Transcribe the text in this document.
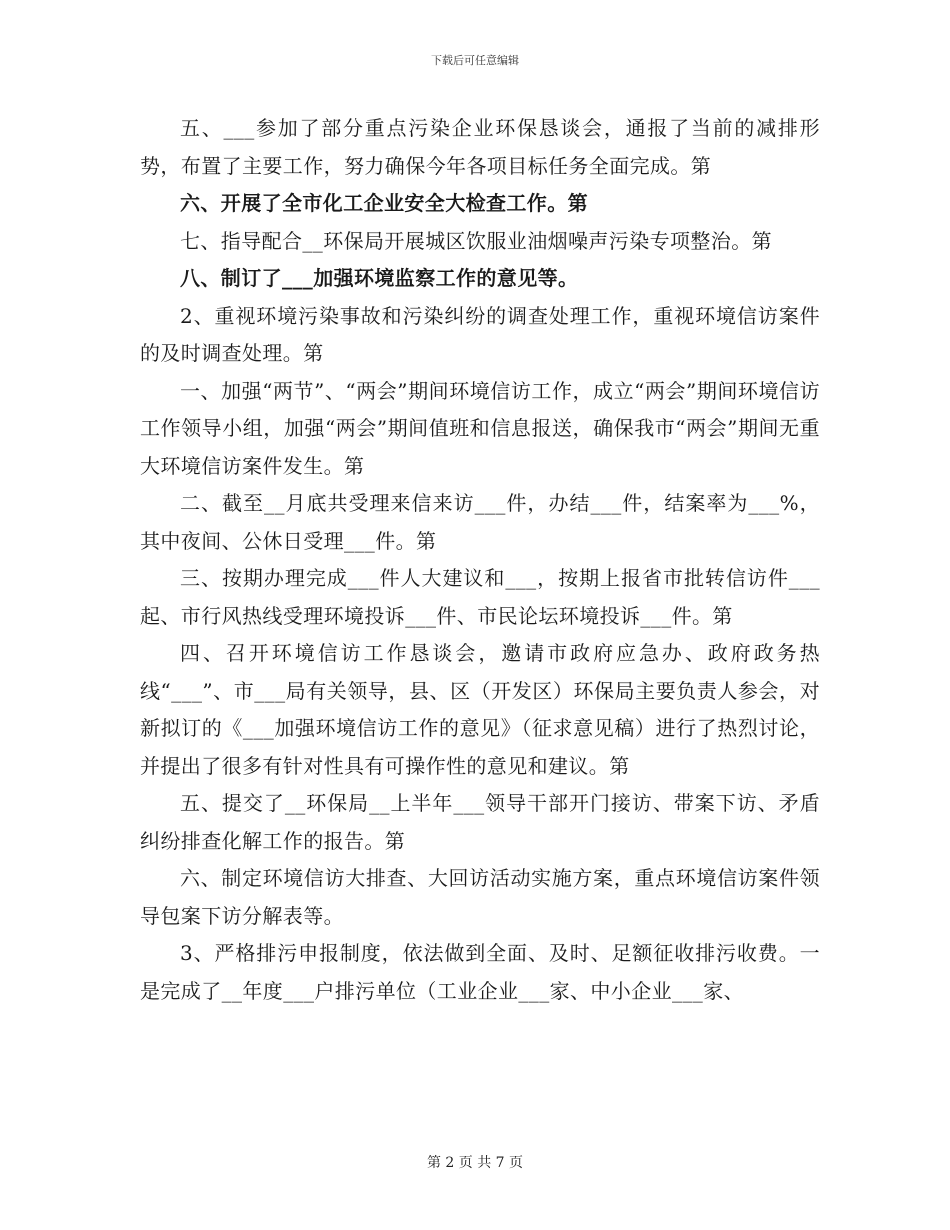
下载后可任意编辑

五、___参加了部分重点污染企业环保恳谈会，通报了当前的减排形势，布置了主要工作，努力确保今年各项目标任务全面完成。第

六、开展了全市化工企业安全大检查工作。第

七、指导配合__环保局开展城区饮服业油烟噪声污染专项整治。第

八、制订了___加强环境监察工作的意见等。

2、重视环境污染事故和污染纠纷的调查处理工作，重视环境信访案件的及时调查处理。第

一、加强“两节”、“两会”期间环境信访工作，成立“两会”期间环境信访工作领导小组，加强“两会”期间值班和信息报送，确保我市“两会”期间无重大环境信访案件发生。第

二、截至__月底共受理来信来访___件，办结___件，结案率为___%，其中夜间、公休日受理___件。第

三、按期办理完成___件人大建议和___，按期上报省市批转信访件___起、市行风热线受理环境投诉___件、市民论坛环境投诉___件。第

四、召开环境信访工作恳谈会，邀请市政府应急办、政府政务热线“___”、市___局有关领导，县、区（开发区）环保局主要负责人参会，对新拟订的《___加强环境信访工作的意见》（征求意见稿）进行了热烈讨论，并提出了很多有针对性具有可操作性的意见和建议。第

五、提交了__环保局__上半年___领导干部开门接访、带案下访、矛盾纠纷排查化解工作的报告。第

六、制定环境信访大排查、大回访活动实施方案，重点环境信访案件领导包案下访分解表等。

3、严格排污申报制度，依法做到全面、及时、足额征收排污收费。一是完成了__年度___户排污单位（工业企业___家、中小企业___家、

第 2 页 共 7 页
